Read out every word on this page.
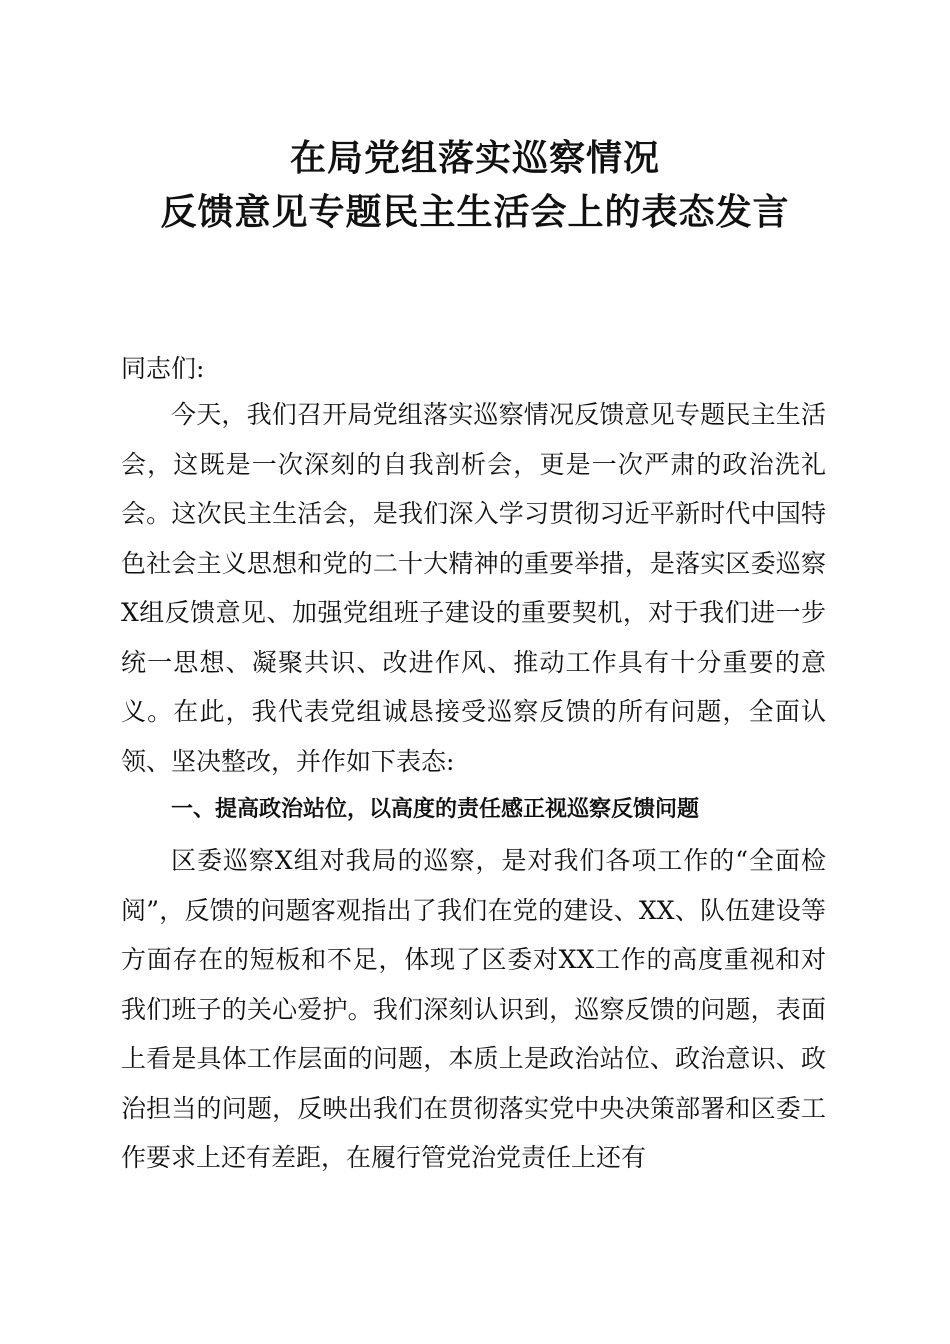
在局党组落实巡察情况
反馈意见专题民主生活会上的表态发言

同志们:

今天，我们召开局党组落实巡察情况反馈意见专题民主生活会，这既是一次深刻的自我剖析会，更是一次严肃的政治洗礼会。这次民主生活会，是我们深入学习贯彻习近平新时代中国特色社会主义思想和党的二十大精神的重要举措，是落实区委巡察X组反馈意见、加强党组班子建设的重要契机，对于我们进一步统一思想、凝聚共识、改进作风、推动工作具有十分重要的意义。在此，我代表党组诚恳接受巡察反馈的所有问题，全面认领、坚决整改，并作如下表态:

一、提高政治站位，以高度的责任感正视巡察反馈问题

区委巡察X组对我局的巡察，是对我们各项工作的“全面检阅”，反馈的问题客观指出了我们在党的建设、XX、队伍建设等方面存在的短板和不足，体现了区委对XX工作的高度重视和对我们班子的关心爱护。我们深刻认识到，巡察反馈的问题，表面上看是具体工作层面的问题，本质上是政治站位、政治意识、政治担当的问题，反映出我们在贯彻落实党中央决策部署和区委工作要求上还有差距，在履行管党治党责任上还有
